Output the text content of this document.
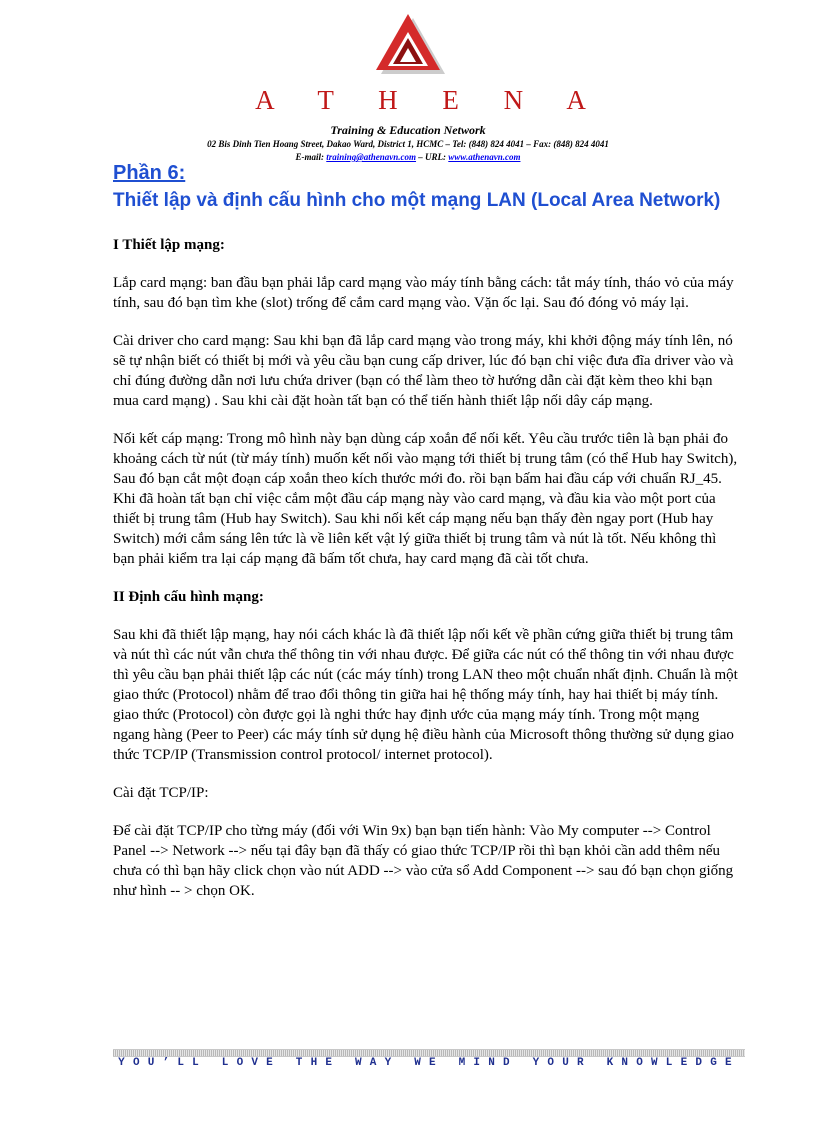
A T H E N A
Training & Education Network
02 Bis Dinh Tien Hoang Street, Dakao Ward, District 1, HCMC – Tel: (848) 824 4041 – Fax: (848) 824 4041
E-mail: training@athenavn.com – URL: www.athenavn.com
Phần 6:
Thiết lập và định cấu hình cho một mạng LAN (Local Area Network)
I Thiết lập mạng:

Lắp card mạng: ban đầu bạn phải lắp card mạng vào máy tính bằng cách: tắt máy tính, tháo vỏ của máy tính, sau đó bạn tìm khe (slot) trống để cắm card mạng vào. Vặn ốc lại. Sau đó đóng vỏ máy lại.

Cài driver cho card mạng: Sau khi bạn đã lắp card mạng vào trong máy, khi khởi động máy tính lên, nó sẽ tự nhận biết có thiết bị mới và yêu cầu bạn cung cấp driver, lúc đó bạn chỉ việc đưa đĩa driver vào và chỉ đúng đường dẫn nơi lưu chứa driver (bạn có thể làm theo tờ hướng dẫn cài đặt kèm theo khi bạn mua card mạng) . Sau khi cài đặt hoàn tất bạn có thể tiến hành thiết lập nối dây cáp mạng.

Nối kết cáp mạng: Trong mô hình này bạn dùng cáp xoắn để nối kết. Yêu cầu trước tiên là bạn phải đo khoảng cách từ nút (từ máy tính) muốn kết nối vào mạng tới thiết bị trung tâm (có thể Hub hay Switch), Sau đó bạn cắt một đoạn cáp xoắn theo kích thước mới đo. rồi bạn bấm hai đầu cáp với chuẩn RJ_45. Khi đã hoàn tất bạn chỉ việc cắm một đầu cáp mạng này vào card mạng, và đầu kia vào một port của thiết bị trung tâm (Hub hay Switch). Sau khi nối kết cáp mạng nếu bạn thấy đèn ngay port (Hub hay Switch) mới cắm sáng lên tức là về liên kết vật lý giữa thiết bị trung tâm và nút là tốt. Nếu không thì bạn phải kiểm tra lại cáp mạng đã bấm tốt chưa, hay card mạng đã cài tốt chưa.

II Định cấu hình mạng:

Sau khi đã thiết lập mạng, hay nói cách khác là đã thiết lập nối kết về phần cứng giữa thiết bị trung tâm và nút thì các nút vẫn chưa thể thông tin với nhau được. Để giữa các nút có thể thông tin với nhau được thì yêu cầu bạn phải thiết lập các nút (các máy tính) trong LAN theo một chuẩn nhất định. Chuẩn là một giao thức (Protocol) nhằm để trao đổi thông tin giữa hai hệ thống máy tính, hay hai thiết bị máy tính. giao thức (Protocol) còn được gọi là nghi thức hay định ước của mạng máy tính. Trong một mạng ngang hàng (Peer to Peer) các máy tính sử dụng hệ điều hành của Microsoft thông thường sử dụng giao thức TCP/IP (Transmission control protocol/ internet protocol).

Cài đặt TCP/IP:

Để cài đặt TCP/IP cho từng máy (đối với Win 9x) bạn bạn tiến hành: Vào My computer --> Control Panel --> Network --> nếu tại đây bạn đã thấy có giao thức TCP/IP rồi thì bạn khỏi cần add thêm nếu chưa có thì bạn hãy click chọn vào nút ADD --> vào cửa sổ Add Component --> sau đó bạn chọn giống như hình -- > chọn OK.

YOU’LL LOVE THE WAY WE MIND YOUR KNOWLEDGE
